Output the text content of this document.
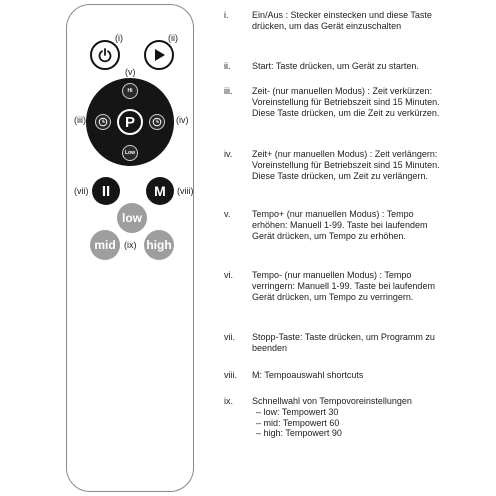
(i)	(ii)
(v)
Hi
Low
P
(iii)	(iv)
II	M
(vii)	(viii)
low
mid	high
(ix)
i.	Ein/Aus : Stecker einstecken und diese Taste drücken, um das Gerät einzuschalten
ii. Start: Taste drücken, um Gerät zu starten.
iii. Zeit- (nur manuellen Modus) : Zeit verkürzen: Voreinstellung für Betriebszeit sind 15 Minuten. Diese Taste drücken, um die Zeit zu verkürzen.
iv. Zeit+ (nur manuellen Modus) : Zeit verlängern: Voreinstellung für Betriebszeit sind 15 Minuten. Diese Taste drücken, um Zeit zu verlängern.
v. Tempo+ (nur manuellen Modus) : Tempo erhöhen: Manuell 1-99. Taste bei laufendem Gerät drücken, um Tempo zu erhöhen.
vi. Tempo- (nur manuellen Modus) : Tempo verringern: Manuell 1-99. Taste bei laufendem Gerät drücken, um Tempo zu verringern.
vii. Stopp-Taste: Taste drücken, um Programm zu beenden
viii. M: Tempoauswahl shortcuts
ix. Schnellwahl von Tempovoreinstellungen
– low: Tempowert 30
– mid: Tempowert 60
– high: Tempowert 90
